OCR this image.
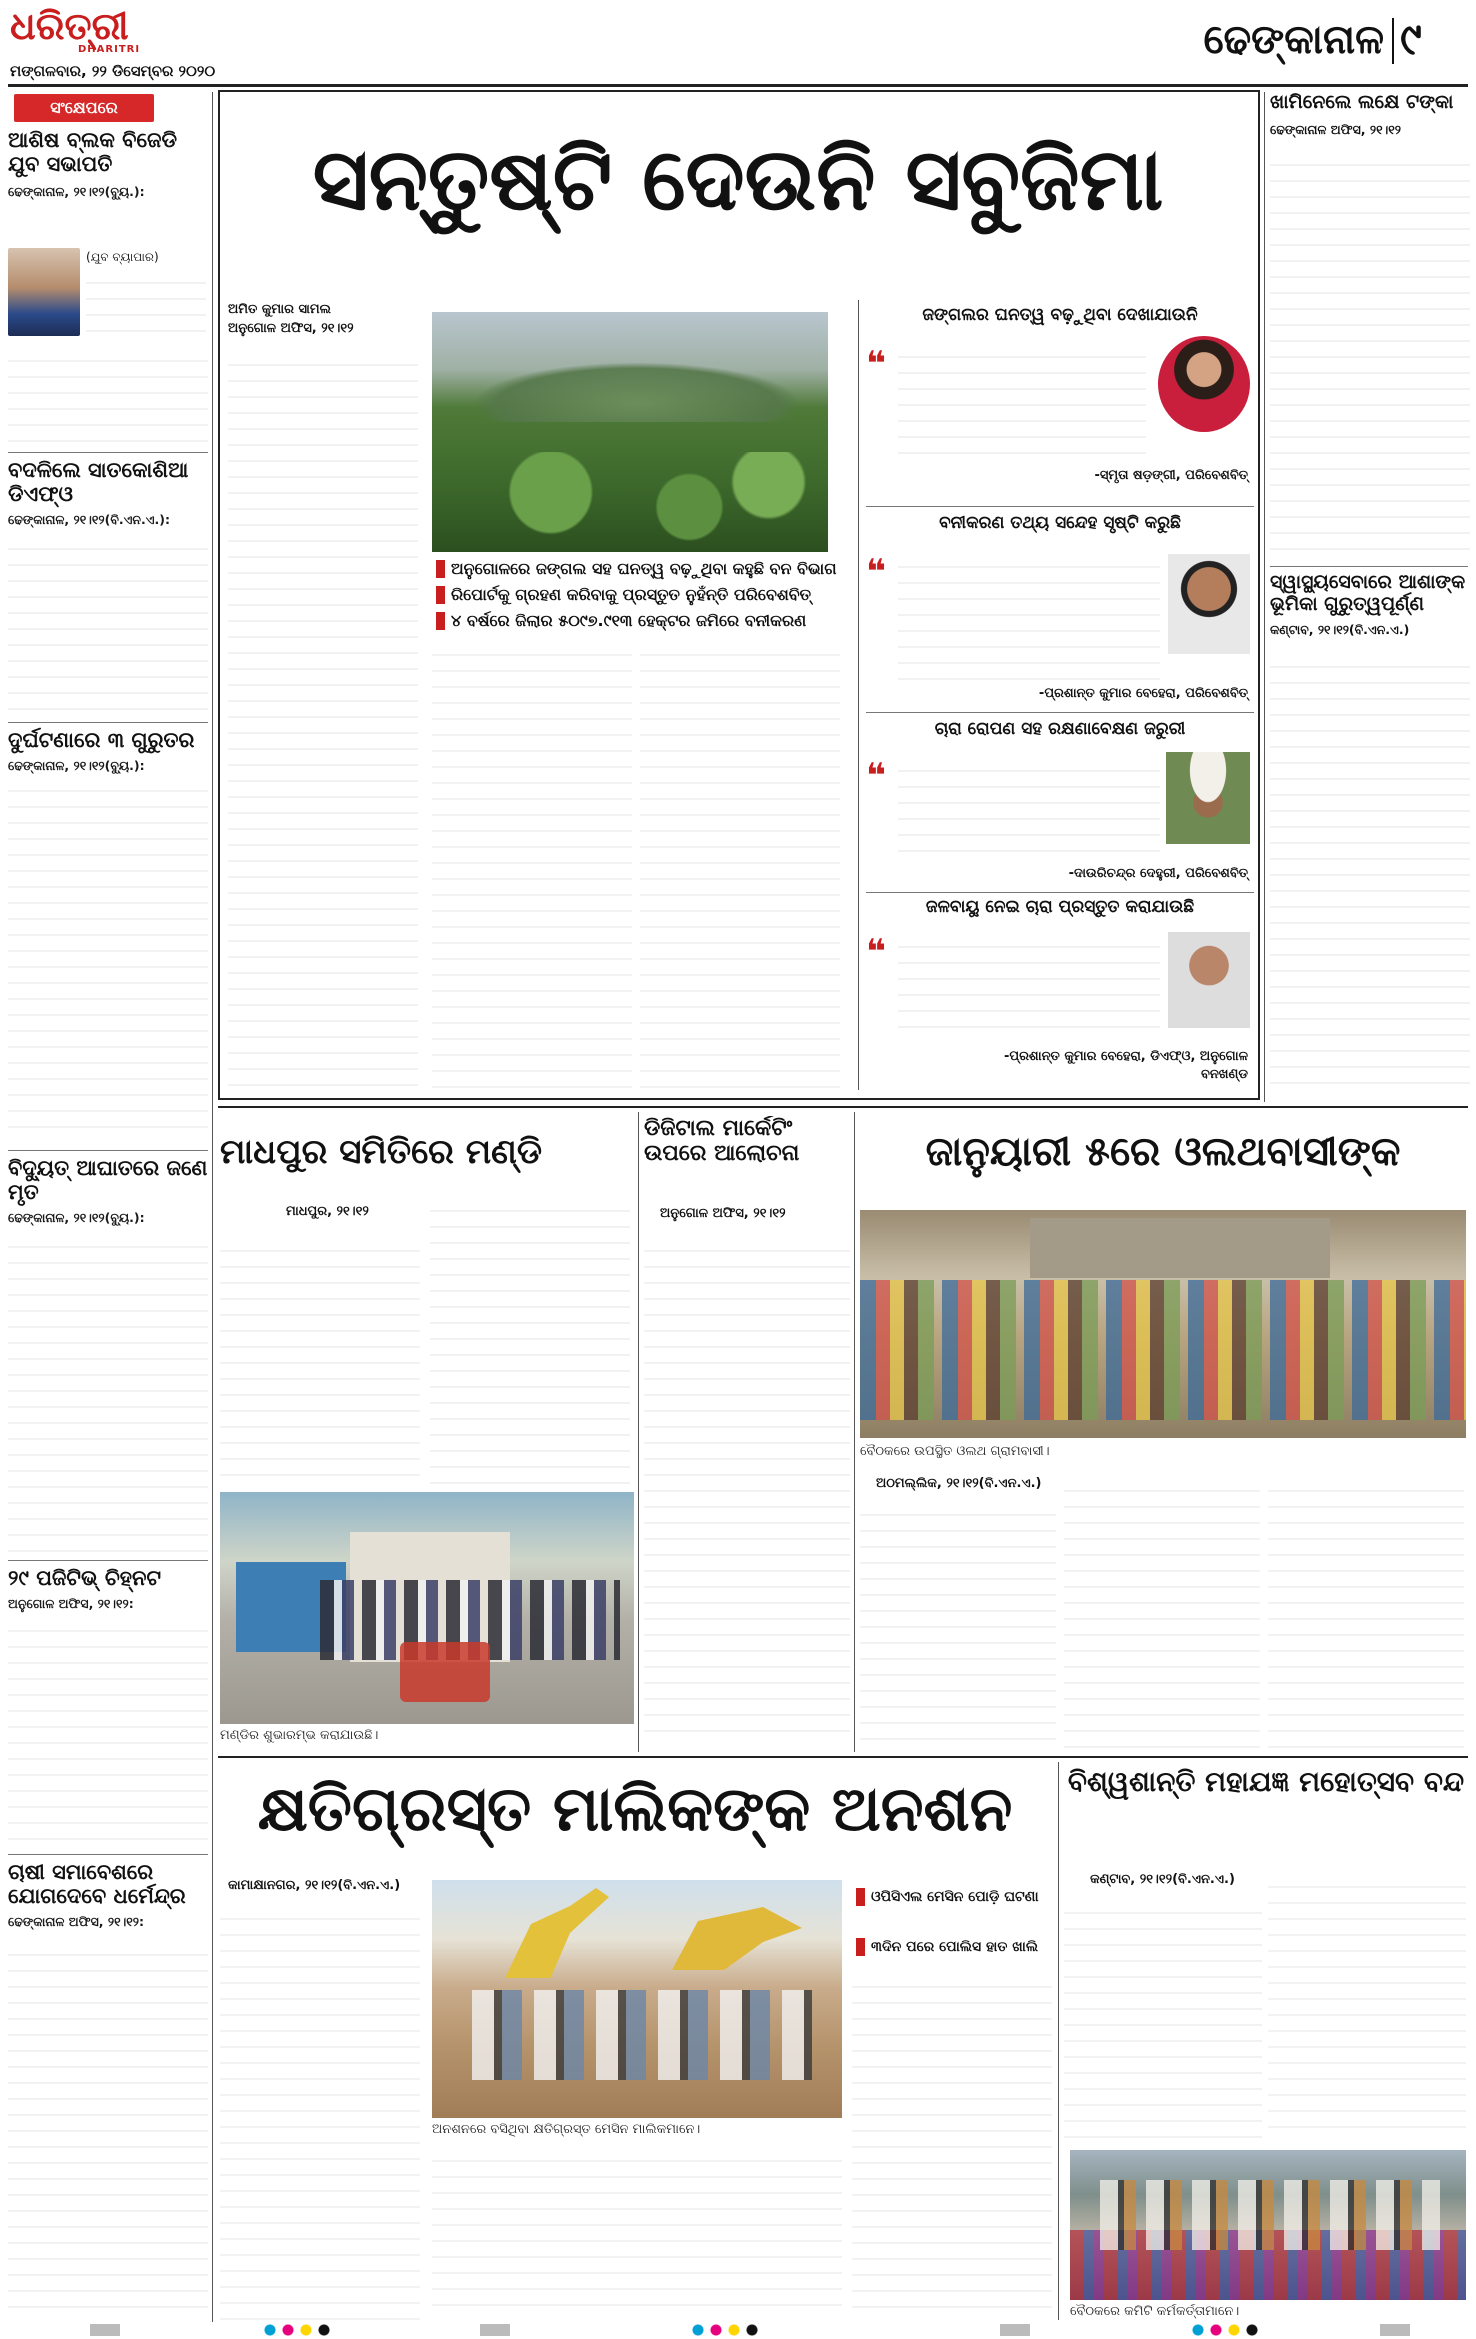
ଧରିତ୍ରୀ
DHARITRI
ମଙ୍ଗଳବାର, ୨୨ ଡିସେମ୍ବର ୨୦୨୦
ଢେଙ୍କାନାଳ ୯
ସଂକ୍ଷେପରେ
ଆଶିଷ ବ୍ଲକ ବିଜେଡି ଯୁବ ସଭାପତି
ଢେଙ୍କାନାଳ, ୨୧।୧୨(ବ୍ୟୁ.):
(ଯୁବ ବ୍ୟାପାର)
ବଦଳିଲେ ସାତକୋଶିଆ ଡିଏଫ୍ଓ
ଢେଙ୍କାନାଳ, ୨୧।୧୨(ବି.ଏନ.ଏ.):
ଦୁର୍ଘଟଣାରେ ୩ ଗୁରୁତର
ଢେଙ୍କାନାଳ, ୨୧।୧୨(ବ୍ୟୁ.):
ବିଦ୍ୟୁତ୍ ଆଘାତରେ ଜଣେ ମୃତ
ଢେଙ୍କାନାଳ, ୨୧।୧୨(ବ୍ୟୁ.):
୨୯ ପଜିଟିଭ୍ ଚିହ୍ନଟ
ଅନୁଗୋଳ ଅଫିସ, ୨୧।୧୨:
ଚାଷୀ ସମାବେଶରେ ଯୋଗଦେବେ ଧର୍ମେନ୍ଦ୍ର
ଢେଙ୍କାନାଳ ଅଫିସ, ୨୧।୧୨:
ସନ୍ତୁଷ୍ଟି ଦେଉନି ସବୁଜିମା
ଅମିତ କୁମାର ସାମଲ
ଅନୁଗୋଳ ଅଫିସ, ୨୧।୧୨
ଅନୁଗୋଳରେ ଜଙ୍ଗଲ ସହ ଘନତ୍ୱ ବଢ଼ୁଥିବା କହୁଛି ବନ ବିଭାଗ
ରିପୋର୍ଟକୁ ଗ୍ରହଣ କରିବାକୁ ପ୍ରସ୍ତୁତ ନୁହଁନ୍ତି ପରିବେଶବିତ୍
୪ ବର୍ଷରେ ଜିଲାର ୫୦୯୭.୯୧୩ ହେକ୍ଟର ଜମିରେ ବନୀକରଣ
ଜଙ୍ଗଲର ଘନତ୍ୱ ବଢ଼ୁଥିବା ଦେଖାଯାଉନି
❝
-ସ୍ମୃତା ଷଡ଼ଙ୍ଗୀ, ପରିବେଶବିତ୍
ବନୀକରଣ ତଥ୍ୟ ସନ୍ଦେହ ସୃଷ୍ଟି କରୁଛି
❝
-ପ୍ରଶାନ୍ତ କୁମାର ବେହେରା, ପରିବେଶବିତ୍
ଚାରା ରୋପଣ ସହ ରକ୍ଷଣାବେକ୍ଷଣ ଜରୁରୀ
❝
-ଦାଉରିଚନ୍ଦ୍ର ଦେହୁରୀ, ପରିବେଶବିତ୍
ଜଳବାୟୁ ନେଇ ଚାରା ପ୍ରସ୍ତୁତ କରାଯାଉଛି
❝
-ପ୍ରଶାନ୍ତ କୁମାର ବେହେରା, ଡିଏଫ୍ଓ, ଅନୁଗୋଳ ବନଖଣ୍ଡ
ଖାମିନେଲେ ଲକ୍ଷେ ଟଙ୍କା
ଢେଙ୍କାନାଳ ଅଫିସ, ୨୧।୧୨
ସ୍ୱାସ୍ଥ୍ୟସେବାରେ ଆଶାଙ୍କ ଭୂମିକା ଗୁରୁତ୍ୱପୂର୍ଣ୍ଣ
କଣ୍ଟାବ, ୨୧।୧୨(ବି.ଏନ.ଏ.)
ମାଧପୁର ସମିତିରେ ମଣ୍ଡି
ମାଧପୁର, ୨୧।୧୨
ମଣ୍ଡିର ଶୁଭାରମ୍ଭ କରାଯାଉଛି।
ଡିଜିଟାଲ ମାର୍କେଟିଂ ଉପରେ ଆଲୋଚନା
ଅନୁଗୋଳ ଅଫିସ, ୨୧।୧୨
ଜାନୁୟାରୀ ୫ରେ ଓଲଥବାସୀଙ୍କ
ବୈଠକରେ ଉପସ୍ଥିତ ଓଲଥ ଗ୍ରାମବାସୀ।
ଅଠମଲ୍ଲିକ, ୨୧।୧୨(ବି.ଏନ.ଏ.)
କ୍ଷତିଗ୍ରସ୍ତ ମାଲିକଙ୍କ ଅନଶନ
କାମାକ୍ଷାନଗର, ୨୧।୧୨(ବି.ଏନ.ଏ.)
ଅନଶନରେ ବସିଥିବା କ୍ଷତିଗ୍ରସ୍ତ ମେସିନ ମାଲିକମାନେ।
ଓପିସିଏଲ ମେସିନ ପୋଡ଼ି ଘଟଣା
୩ଦିନ ପରେ ପୋଲିସ ହାତ ଖାଲି
ବିଶ୍ୱଶାନ୍ତି ମହାଯଜ୍ଞ ମହୋତ୍ସବ ବନ୍ଦ
କଣ୍ଟାବ, ୨୧।୧୨(ବି.ଏନ.ଏ.)
ବୈଠକରେ କମିଟି କର୍ମକର୍ତ୍ତାମାନେ।
